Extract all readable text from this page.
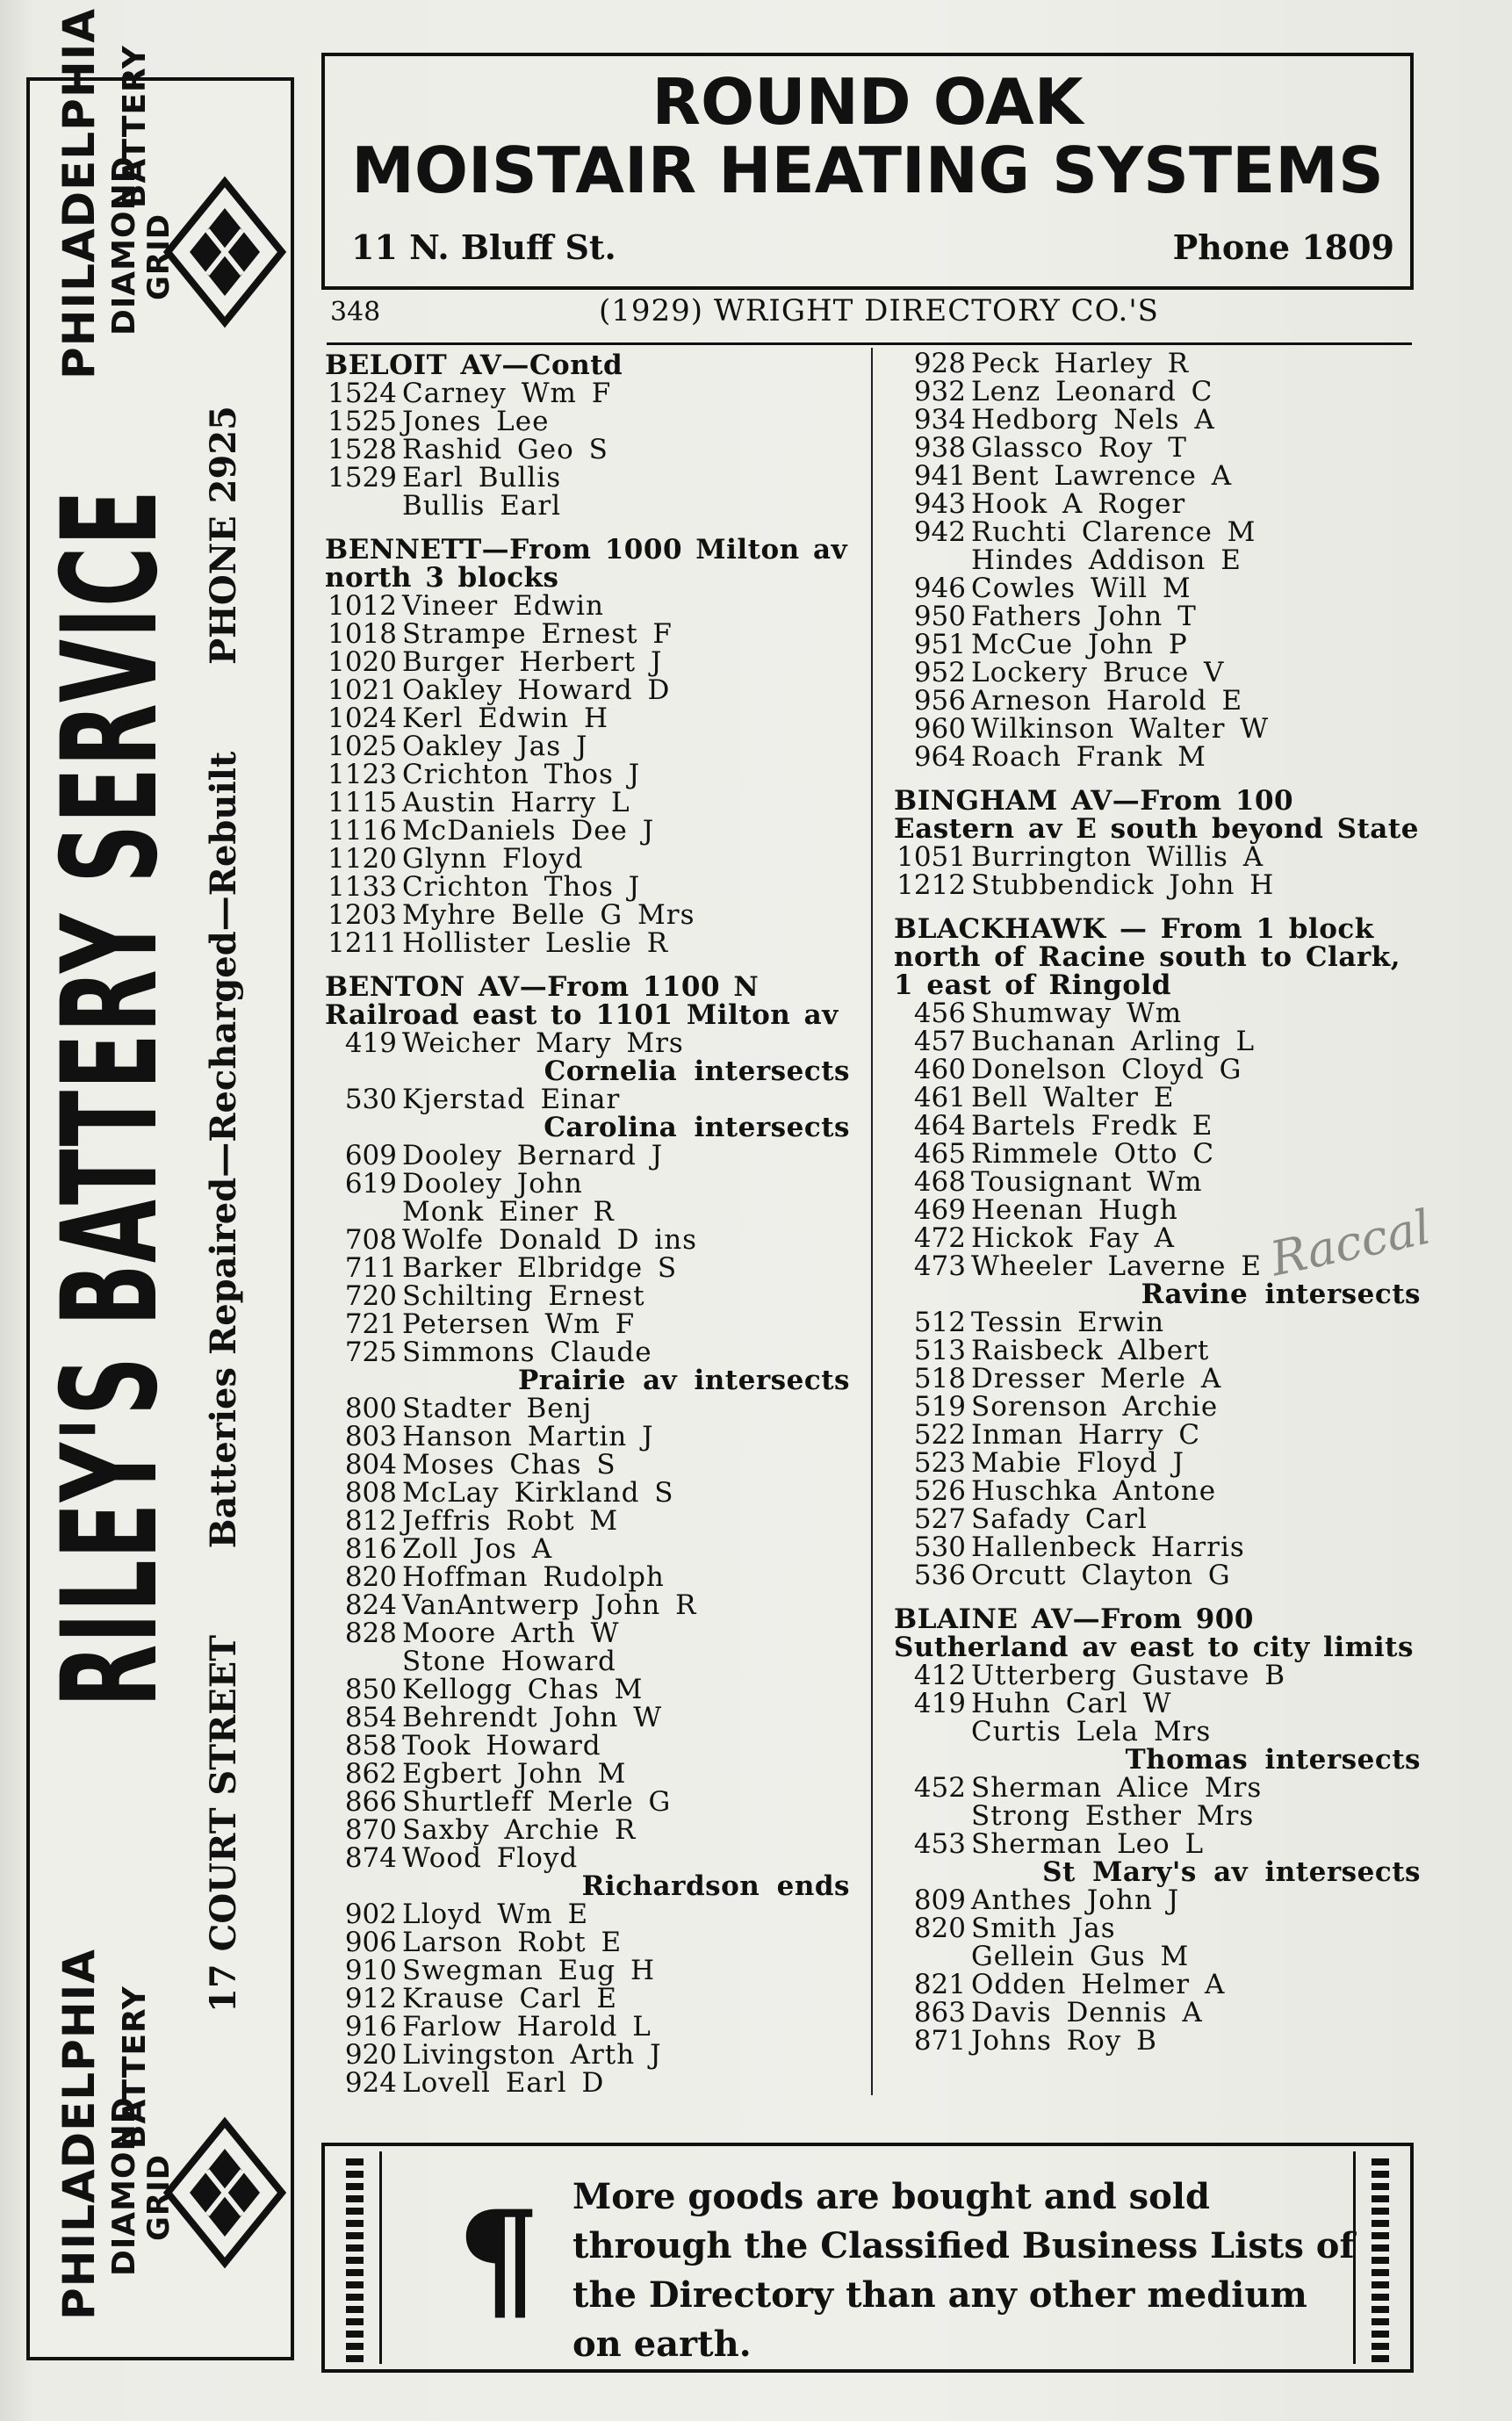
PHILADELPHIA DIAMOND GRID
BATTERY
RILEY'S BATTERY SERVICE
17 COURT STREET
Batteries Repaired—Recharged—Rebuilt
PHONE 2925
PHILADELPHIA DIAMOND GRID
BATTERY	ROUND OAK
MOISTAIR HEATING SYSTEMS
11 N. Bluff St.	Phone 1809
348	(1929) WRIGHT DIRECTORY CO.'S
BELOIT AV—Contd
1524 Carney Wm F
1525 Jones Lee
1528 Rashid Geo S
1529 Earl Bullis
Bullis Earl
BENNETT—From 1000 Milton av north 3 blocks
1012 Vineer Edwin
1018 Strampe Ernest F
1020 Burger Herbert J
1021 Oakley Howard D
1024 Kerl Edwin H
1025 Oakley Jas J
1123 Crichton Thos J
1115 Austin Harry L
1116 McDaniels Dee J
1120 Glynn Floyd
1133 Crichton Thos J
1203 Myhre Belle G Mrs
1211 Hollister Leslie R
BENTON AV—From 1100 N Railroad east to 1101 Milton av
419 Weicher Mary Mrs
Cornelia intersects
530 Kjerstad Einar
Carolina intersects
609 Dooley Bernard J
619 Dooley John
Monk Einer R
708 Wolfe Donald D ins
711 Barker Elbridge S
720 Schilting Ernest
721 Petersen Wm F
725 Simmons Claude
Prairie av intersects
800 Stadter Benj
803 Hanson Martin J
804 Moses Chas S
808 McLay Kirkland S
812 Jeffris Robt M
816 Zoll Jos A
820 Hoffman Rudolph
824 VanAntwerp John R
828 Moore Arth W
Stone Howard
850 Kellogg Chas M
854 Behrendt John W
858 Took Howard
862 Egbert John M
866 Shurtleff Merle G
870 Saxby Archie R
874 Wood Floyd
Richardson ends
902 Lloyd Wm E
906 Larson Robt E
910 Swegman Eug H
912 Krause Carl E
916 Farlow Harold L
920 Livingston Arth J
924 Lovell Earl D
928 Peck Harley R
932 Lenz Leonard C
934 Hedborg Nels A
938 Glassco Roy T
941 Bent Lawrence A
943 Hook A Roger
942 Ruchti Clarence M
Hindes Addison E
946 Cowles Will M
950 Fathers John T
951 McCue John P
952 Lockery Bruce V
956 Arneson Harold E
960 Wilkinson Walter W
964 Roach Frank M
BINGHAM AV—From 100 Eastern av E south beyond State
1051 Burrington Willis A
1212 Stubbendick John H
BLACKHAWK — From 1 block north of Racine south to Clark, 1 east of Ringold
456 Shumway Wm
457 Buchanan Arling L
460 Donelson Cloyd G
461 Bell Walter E
464 Bartels Fredk E
465 Rimmele Otto C
468 Tousignant Wm
469 Heenan Hugh
472 Hickok Fay A
473 Wheeler Laverne E
Ravine intersects
512 Tessin Erwin
513 Raisbeck Albert
518 Dresser Merle A
519 Sorenson Archie
522 Inman Harry C
523 Mabie Floyd J
526 Huschka Antone
527 Safady Carl
530 Hallenbeck Harris
536 Orcutt Clayton G
BLAINE AV—From 900 Sutherland av east to city limits
412 Utterberg Gustave B
419 Huhn Carl W
Curtis Lela Mrs
Thomas intersects
452 Sherman Alice Mrs
Strong Esther Mrs
453 Sherman Leo L
St Mary's av intersects
809 Anthes John J
820 Smith Jas
Gellein Gus M
821 Odden Helmer A
863 Davis Dennis A
871 Johns Roy B
Raccal
¶ More goods are bought and sold through the Classified Business Lists of the Directory than any other medium on earth.
